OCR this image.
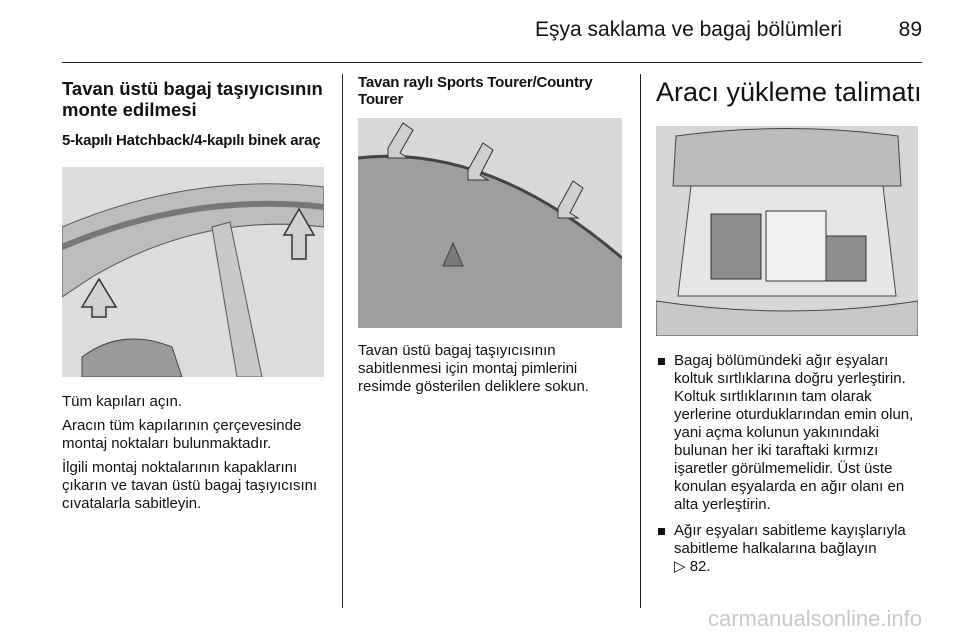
Eşya saklama ve bagaj bölümleri	89
Tavan üstü bagaj taşıyıcısının monte edilmesi
5-kapılı Hatchback/4-kapılı binek araç

Tüm kapıları açın.

Aracın tüm kapılarının çerçevesinde montaj noktaları bulunmaktadır.

İlgili montaj noktalarının kapaklarını çıkarın ve tavan üstü bagaj taşıyıcısını cıvatalarla sabitleyin.

Tavan raylı Sports Tourer/Country Tourer

Tavan üstü bagaj taşıyıcısının sabitlenmesi için montaj pimlerini resimde gösterilen deliklere sokun.

Aracı yükleme talimatı
Bagaj bölümündeki ağır eşyaları koltuk sırtlıklarına doğru yerleştirin. Koltuk sırtlıklarının tam olarak yerlerine oturduklarından emin olun, yani açma kolunun yakınındaki bulunan her iki taraftaki kırmızı işaretler görülmemelidir. Üst üste konulan eşyalarda en ağır olanı en alta yerleştirin.
Ağır eşyaları sabitleme kayışlarıyla sabitleme halkalarına bağlayın
▷ 82.
carmanualsonline.info
